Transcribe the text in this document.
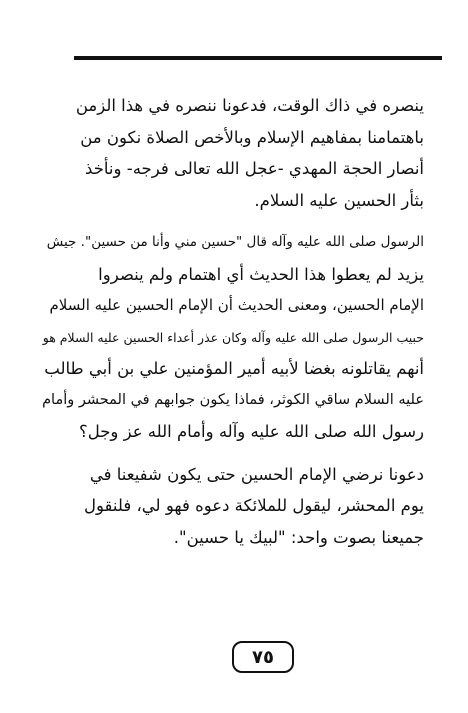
ينصره في ذاك الوقت، فدعونا ننصره في هذا الزمن
باهتمامنا بمفاهيم الإسلام وبالأخص الصلاة نكون من
أنصار الحجة المهدي -عجل الله تعالى فرجه- ونأخذ
بثأر الحسين عليه السلام.

الرسول صلى الله عليه وآله قال "حسين مني وأنا من حسين". جيش
يزيد لم يعطوا هذا الحديث أي اهتمام ولم ينصروا
الإمام الحسين، ومعنى الحديث أن الإمام الحسين عليه السلام
حبيب الرسول صلى الله عليه وآله وكان عذر أعداء الحسين عليه السلام هو
أنهم يقاتلونه بغضا لأبيه أمير المؤمنين علي بن أبي طالب
عليه السلام ساقي الكوثر، فماذا يكون جوابهم في المحشر وأمام
رسول الله صلى الله عليه وآله وأمام الله عز وجل؟

دعونا نرضي الإمام الحسين حتى يكون شفيعنا في
يوم المحشر، ليقول للملائكة دعوه فهو لي، فلنقول
جميعنا بصوت واحد: "لبيك يا حسين".

٧٥
